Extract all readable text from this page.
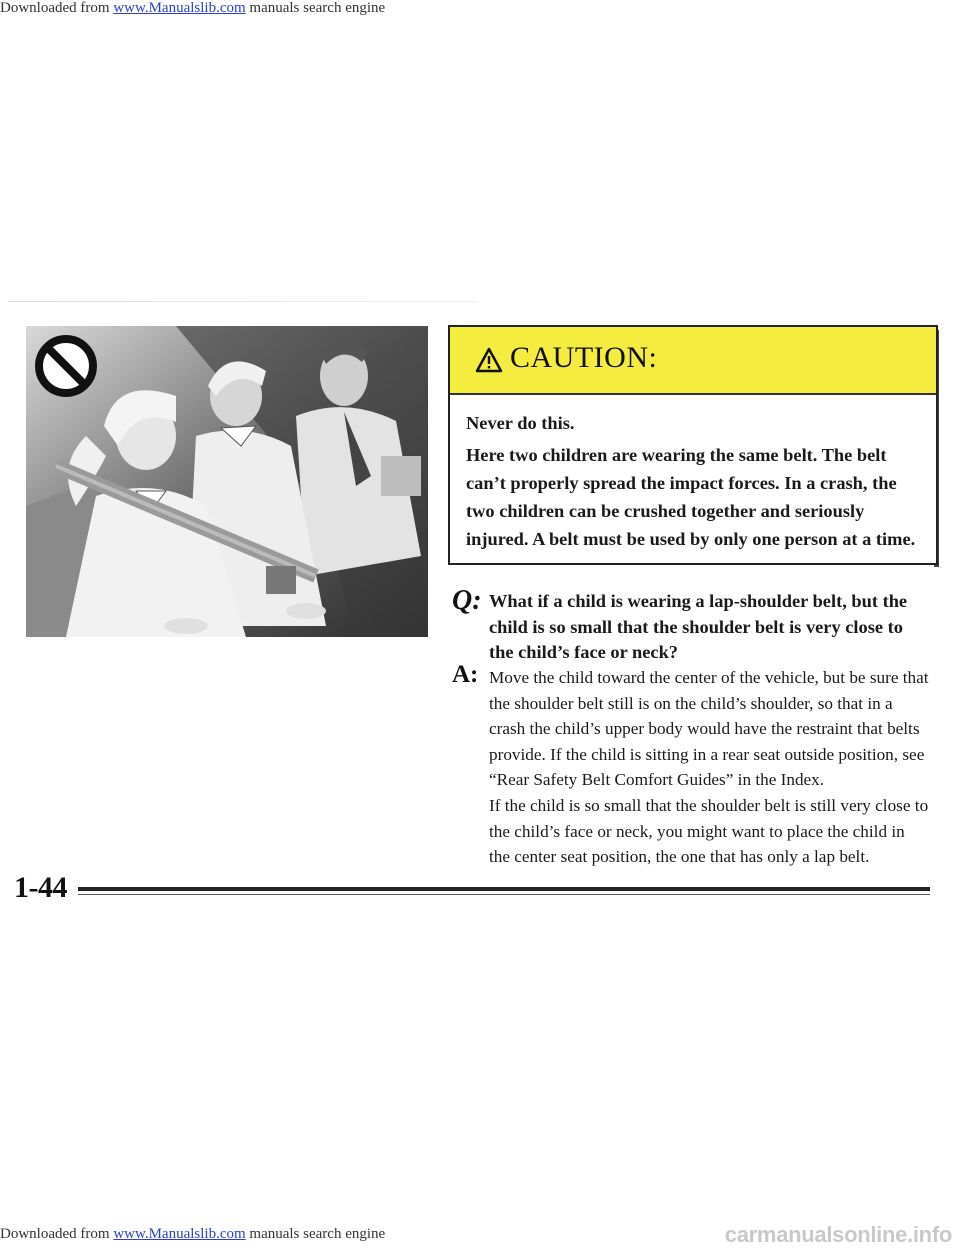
Downloaded from www.Manualslib.com manuals search engine
CAUTION:

Never do this.

Here two children are wearing the same belt. The belt can’t properly spread the impact forces. In a crash, the two children can be crushed together and seriously injured. A belt must be used by only one person at a time.

Q: What if a child is wearing a lap-shoulder belt, but the child is so small that the shoulder belt is very close to the child’s face or neck?
A: Move the child toward the center of the vehicle, but be sure that the shoulder belt still is on the child’s shoulder, so that in a crash the child’s upper body would have the restraint that belts provide. If the child is sitting in a rear seat outside position, see “Rear Safety Belt Comfort Guides” in the Index.

If the child is so small that the shoulder belt is still very close to the child’s face or neck, you might want to place the child in the center seat position, the one that has only a lap belt.

1-44
Downloaded from www.Manualslib.com manuals search engine	carmanualsonline.info
